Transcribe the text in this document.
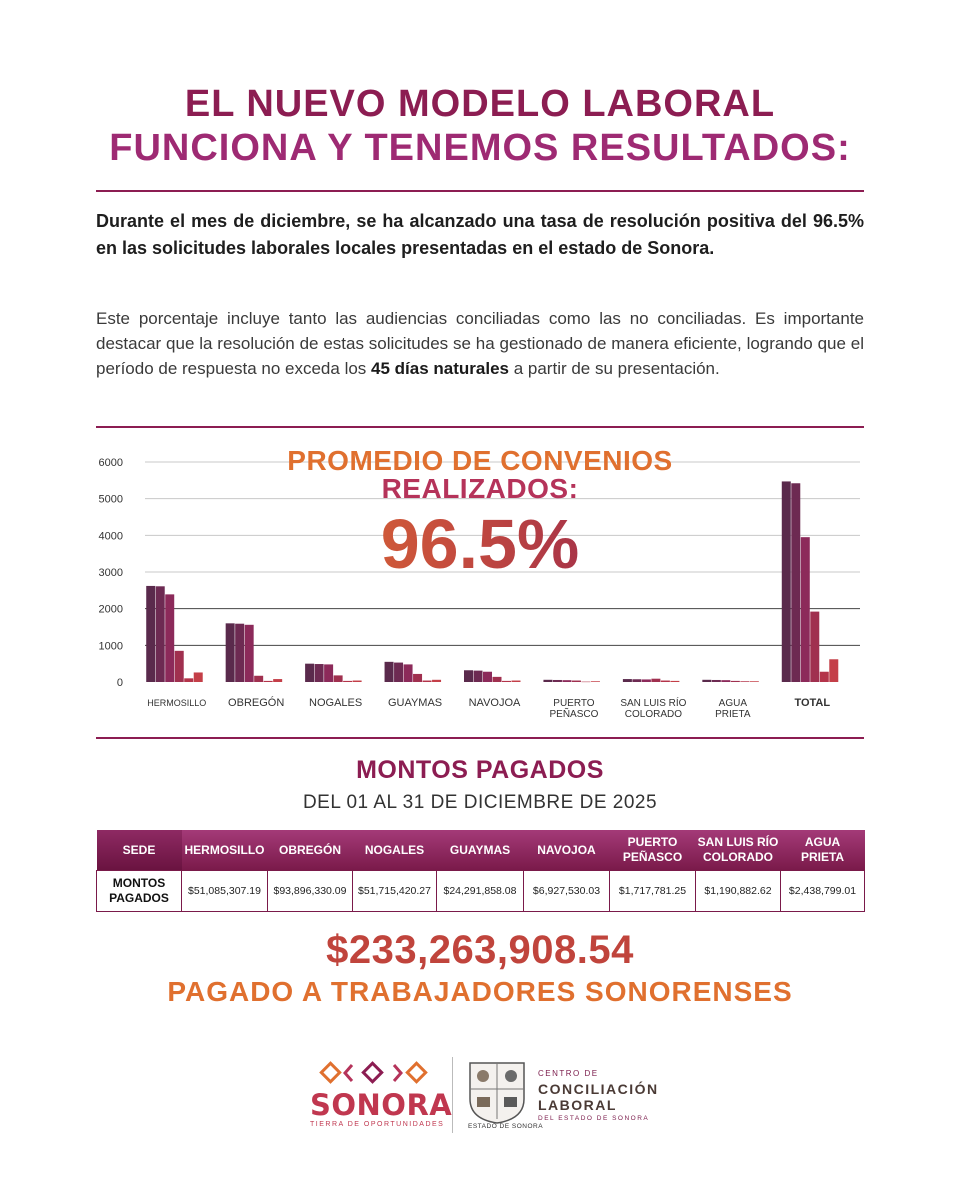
EL NUEVO MODELO LABORAL
FUNCIONA Y TENEMOS RESULTADOS:
Durante el mes de diciembre, se ha alcanzado una tasa de resolución positiva del 96.5% en las solicitudes laborales locales presentadas en el estado de Sonora.
Este porcentaje incluye tanto las audiencias conciliadas como las no conciliadas. Es importante destacar que la resolución de estas solicitudes se ha gestionado de manera eficiente, logrando que el período de respuesta no exceda los 45 días naturales a partir de su presentación.
0
1000
2000
3000
4000
5000
6000
HERMOSILLO OBREGÓN NOGALES GUAYMAS NAVOJOA	PUERTO
PEÑASCO
SAN LUIS RÍO
COLORADO
AGUA
PRIETA
TOTAL
PROMEDIO DE CONVENIOS
REALIZADOS:
96.5%
MONTOS PAGADOS
DEL 01 AL 31 DE DICIEMBRE DE 2025
SEDE	HERMOSILLO	OBREGÓN	NOGALES	GUAYMAS	NAVOJOA	PUERTO PEÑASCO	SAN LUIS RÍO COLORADO	AGUA PRIETA
MONTOS PAGADOS	$51,085,307.19	$93,896,330.09	$51,715,420.27	$24,291,858.08	$6,927,530.03	$1,717,781.25	$1,190,882.62	$2,438,799.01
$233,263,908.54
PAGADO A TRABAJADORES SONORENSES
SONORA
TIERRA DE OPORTUNIDADES	ESTADO DE SONORA
CENTRO DE
CONCILIACIÓN
LABORAL
DEL ESTADO DE SONORA
